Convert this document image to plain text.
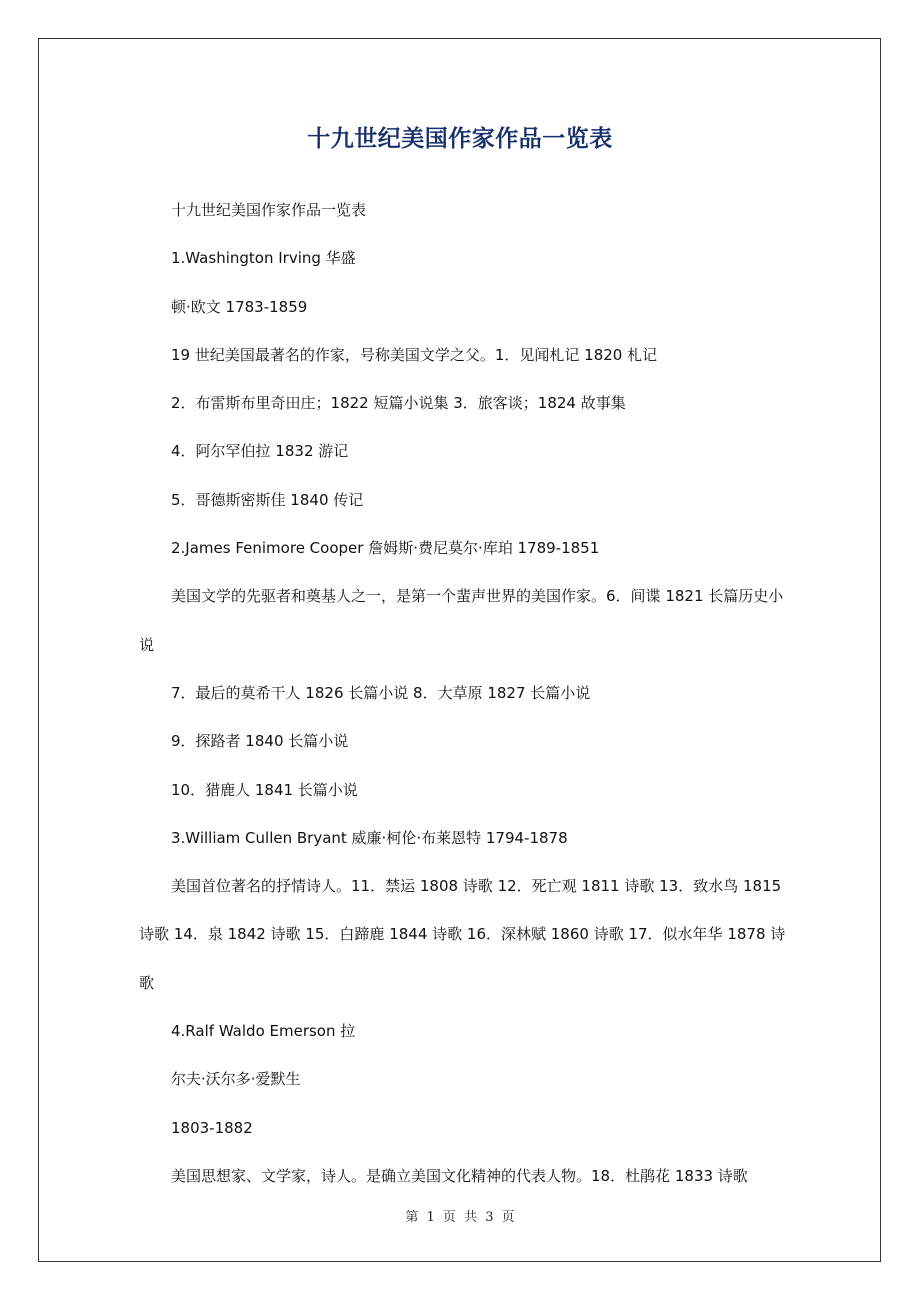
十九世纪美国作家作品一览表

十九世纪美国作家作品一览表

1.Washington Irving 华盛

顿·欧文 1783-1859

19 世纪美国最著名的作家，号称美国文学之父。1．见闻札记 1820 札记

2．布雷斯布里奇田庄；1822 短篇小说集 3．旅客谈；1824 故事集

4．阿尔罕伯拉 1832 游记

5．哥德斯密斯佳 1840 传记

2.James Fenimore Cooper 詹姆斯·费尼莫尔·库珀 1789-1851

美国文学的先驱者和奠基人之一，是第一个蜚声世界的美国作家。6．间谍 1821 长篇历史小说

7．最后的莫希干人 1826 长篇小说 8．大草原 1827 长篇小说

9．探路者 1840 长篇小说

10．猎鹿人 1841 长篇小说

3.William Cullen Bryant 威廉·柯伦·布莱恩特 1794-1878

美国首位著名的抒情诗人。11．禁运 1808 诗歌 12．死亡观 1811 诗歌 13．致水鸟 1815 诗歌 14．泉 1842 诗歌 15．白蹄鹿 1844 诗歌 16．深林赋 1860 诗歌 17．似水年华 1878 诗歌

4.Ralf Waldo Emerson 拉

尔夫·沃尔多·爱默生

1803-1882

美国思想家、文学家，诗人。是确立美国文化精神的代表人物。18．杜鹃花 1833 诗歌

第 1 页 共 3 页
